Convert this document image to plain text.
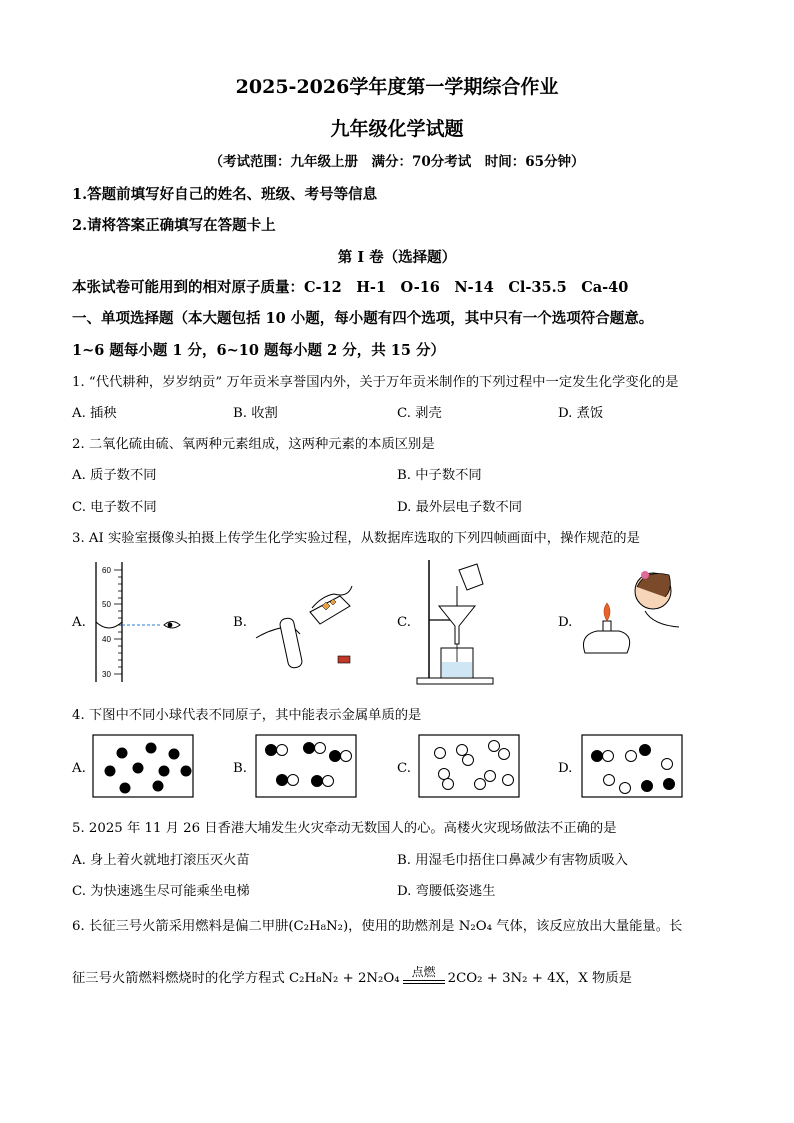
2025-2026学年度第一学期综合作业
九年级化学试题
（考试范围：九年级上册　满分：70分考试　时间：65分钟）
1.答题前填写好自己的姓名、班级、考号等信息
2.请将答案正确填写在答题卡上
第 I 卷（选择题）
本张试卷可能用到的相对原子质量：C-12　H-1　O-16　N-14　Cl-35.5　Ca-40
一、单项选择题（本大题包括 10 小题，每小题有四个选项，其中只有一个选项符合题意。
1~6 题每小题 1 分，6~10 题每小题 2 分，共 15 分）
1. “代代耕种，岁岁纳贡” 万年贡米享誉国内外，关于万年贡米制作的下列过程中一定发生化学变化的是
A. 插秧	B. 收割	C. 剥壳	D. 煮饭
2. 二氧化硫由硫、氧两种元素组成，这两种元素的本质区别是
A. 质子数不同	B. 中子数不同
C. 电子数不同	D. 最外层电子数不同
3. AI 实验室摄像头拍摄上传学生化学实验过程，从数据库选取的下列四帧画面中，操作规范的是
A.	B.	C.	D.
60
50
40
30
4. 下图中不同小球代表不同原子，其中能表示金属单质的是
A.	B.	C.	D.
5. 2025 年 11 月 26 日香港大埔发生火灾牵动无数国人的心。高楼火灾现场做法不正确的是
A. 身上着火就地打滚压灭火苗	B. 用湿毛巾捂住口鼻减少有害物质吸入
C. 为快速逃生尽可能乘坐电梯	D. 弯腰低姿逃生
6. 长征三号火箭采用燃料是偏二甲肼(C₂H₈N₂)，使用的助燃剂是 N₂O₄ 气体，该反应放出大量能量。长
征三号火箭燃料燃烧时的化学方程式 C₂H₈N₂ + 2N₂O₄ 点燃 2CO₂ + 3N₂ + 4X，X 物质是
